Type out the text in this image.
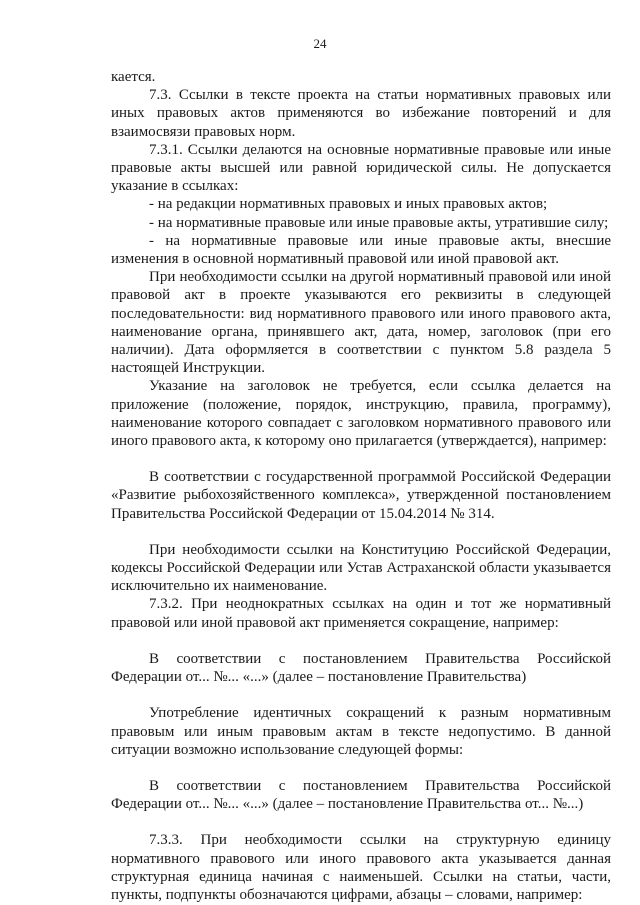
24

кается.

7.3. Ссылки в тексте проекта на статьи нормативных правовых или иных правовых актов применяются во избежание повторений и для взаимосвязи правовых норм.

7.3.1. Ссылки делаются на основные нормативные правовые или иные правовые акты высшей или равной юридической силы. Не допускается указание в ссылках:

- на редакции нормативных правовых и иных правовых актов;

- на нормативные правовые или иные правовые акты, утратившие силу;

- на нормативные правовые или иные правовые акты, внесшие изменения в основной нормативный правовой или иной правовой акт.

При необходимости ссылки на другой нормативный правовой или иной правовой акт в проекте указываются его реквизиты в следующей последовательности: вид нормативного правового или иного правового акта, наименование органа, принявшего акт, дата, номер, заголовок (при его наличии). Дата оформляется в соответствии с пунктом 5.8 раздела 5 настоящей Инструкции.

Указание на заголовок не требуется, если ссылка делается на приложение (положение, порядок, инструкцию, правила, программу), наименование которого совпадает с заголовком нормативного правового или иного правового акта, к которому оно прилагается (утверждается), например:

В соответствии с государственной программой Российской Федерации «Развитие рыбохозяйственного комплекса», утвержденной постановлением Правительства Российской Федерации от 15.04.2014 № 314.

При необходимости ссылки на Конституцию Российской Федерации, кодексы Российской Федерации или Устав Астраханской области указывается исключительно их наименование.

7.3.2. При неоднократных ссылках на один и тот же нормативный правовой или иной правовой акт применяется сокращение, например:

В соответствии с постановлением Правительства Российской Федерации от... №... «...» (далее – постановление Правительства)

Употребление идентичных сокращений к разным нормативным правовым или иным правовым актам в тексте недопустимо. В данной ситуации возможно использование следующей формы:

В соответствии с постановлением Правительства Российской Федерации от... №... «...» (далее – постановление Правительства от... №...)

7.3.3. При необходимости ссылки на структурную единицу нормативного правового или иного правового акта указывается данная структурная единица начиная с наименьшей. Ссылки на статьи, части, пункты, подпункты обозначаются цифрами, абзацы – словами, например:
